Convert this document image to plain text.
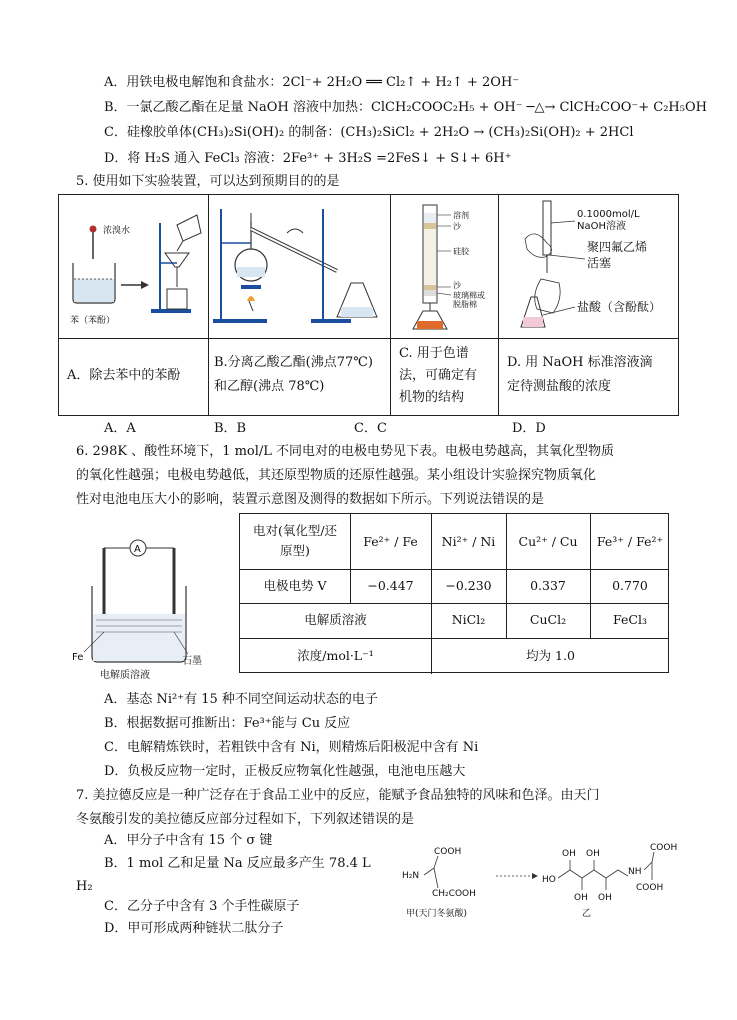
A．用铁电极电解饱和食盐水：2Cl⁻+ 2H₂O ══ Cl₂↑ + H₂↑ + 2OH⁻
B．一氯乙酸乙酯在足量 NaOH 溶液中加热：ClCH₂COOC₂H₅ + OH⁻ ─△→ ClCH₂COO⁻+ C₂H₅OH
C．硅橡胶单体(CH₃)₂Si(OH)₂ 的制备：(CH₃)₂SiCl₂ + 2H₂O → (CH₃)₂Si(OH)₂ + 2HCl
D．将 H₂S 通入 FeCl₃ 溶液：2Fe³⁺ + 3H₂S =2FeS↓ + S↓+ 6H⁺
5. 使用如下实验装置，可以达到预期目的的是
浓溴水
苯（苯酚）
溶剂
沙
硅胶
沙
玻璃棉或
脱脂棉
0.1000mol/L
NaOH溶液
聚四氟乙烯
活塞
盐酸（含酚酞）
A．除去苯中的苯酚
B.分离乙酸乙酯(沸点77℃)
和乙醇(沸点 78℃)
C. 用于色谱
法，可确定有
机物的结构
D. 用 NaOH 标准溶液滴
定待测盐酸的浓度
A．A	B．B	C．C	D．D
6. 298K 、酸性环境下，1 mol/L 不同电对的电极电势见下表。电极电势越高，其氧化型物质
的氧化性越强；电极电势越低，其还原型物质的还原性越强。某小组设计实验探究物质氧化
性对电池电压大小的影响，装置示意图及测得的数据如下所示。下列说法错误的是
A
Fe	石墨
电解质溶液
电对(氧化型/还
原型)
Fe²⁺ / Fe	Ni²⁺ / Ni	Cu²⁺ / Cu	Fe³⁺ / Fe²⁺
电极电势 V	−0.447	−0.230	0.337	0.770
电解质溶液	NiCl₂	CuCl₂	FeCl₃
浓度/mol·L⁻¹	均为 1.0
A．基态 Ni²⁺有 15 种不同空间运动状态的电子
B．根据数据可推断出：Fe³⁺能与 Cu 反应
C．电解精炼铁时，若粗铁中含有 Ni，则精炼后阳极泥中含有 Ni
D．负极反应物一定时，正极反应物氧化性越强，电池电压越大
7. 美拉德反应是一种广泛存在于食品工业中的反应，能赋予食品独特的风味和色泽。由天门
冬氨酸引发的美拉德反应部分过程如下，下列叙述错误的是
A．甲分子中含有 15 个 σ 键
B．1 mol 乙和足量 Na 反应最多产生 78.4 L
H₂
C．乙分子中含有 3 个手性碳原子
D．甲可形成两种链状二肽分子
COOH
H₂N
CH₂COOH
甲(天门冬氨酸)
HO
OH OH
OH OH
NH
COOH
COOH
乙
